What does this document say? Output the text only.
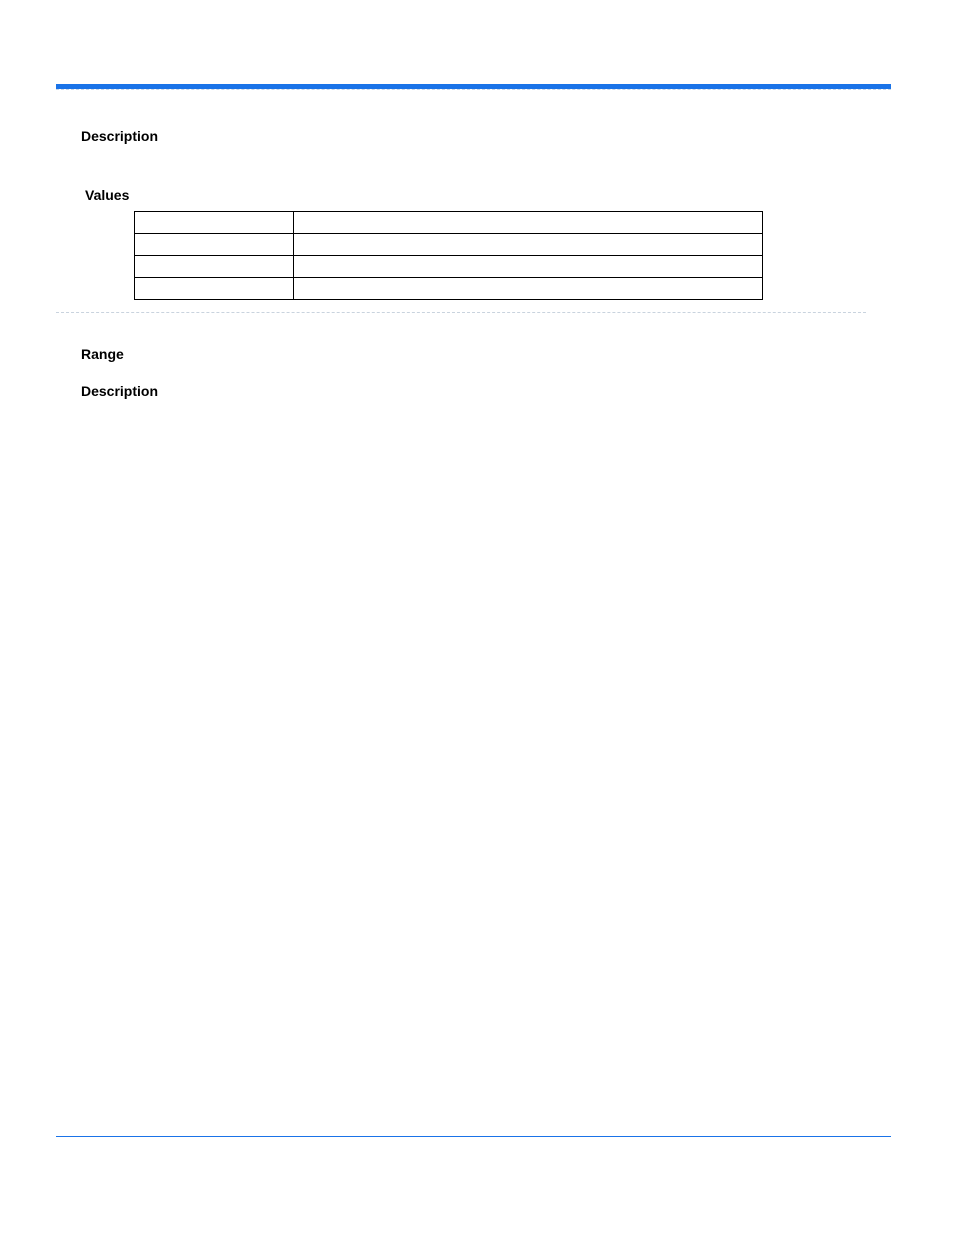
Description
Values

Range
Description
